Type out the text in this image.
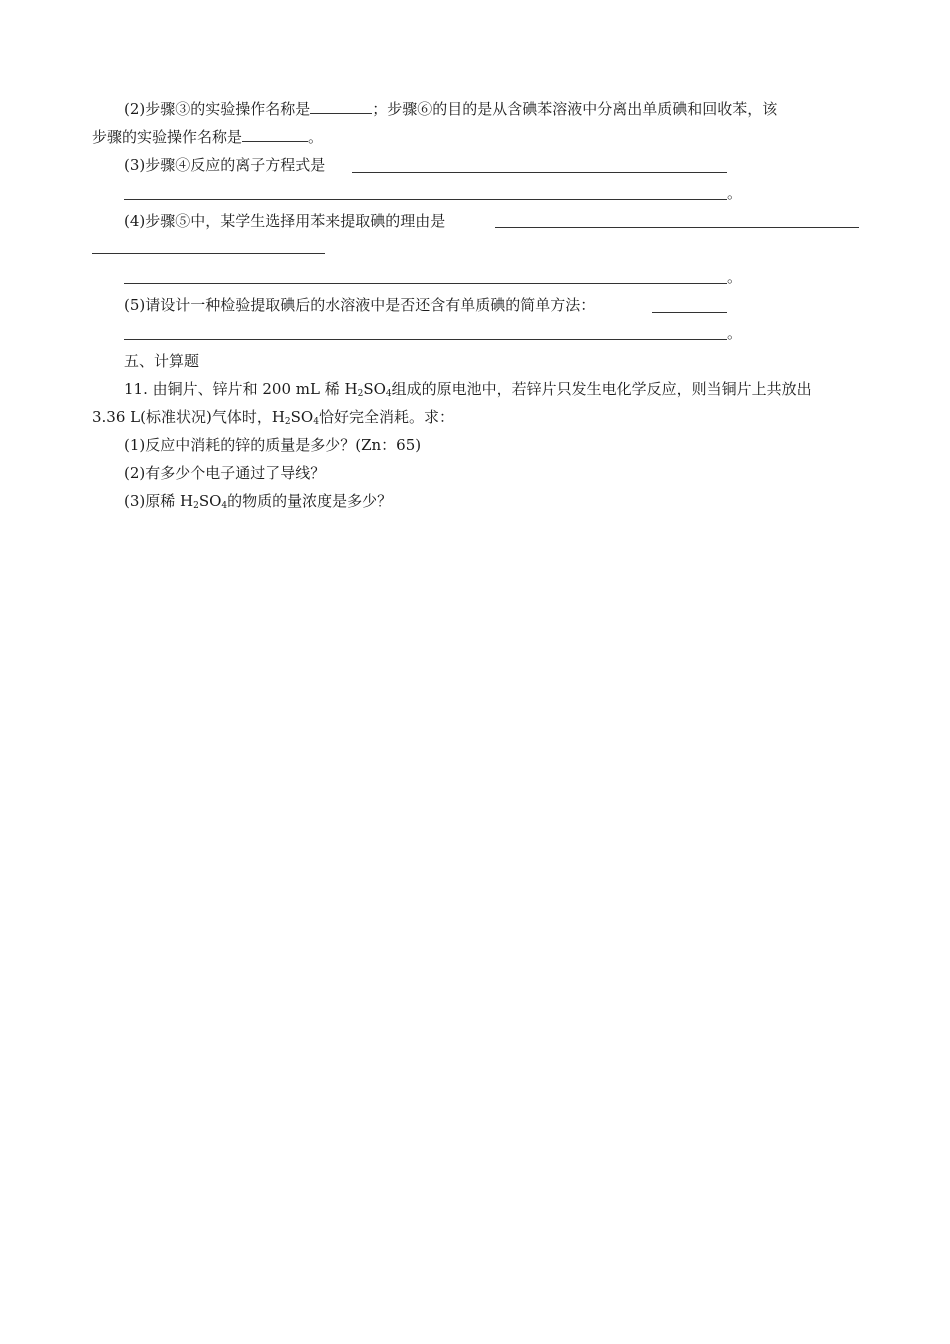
(2)步骤③的实验操作名称是	；步骤⑥的目的是从含碘苯溶液中分离出单质碘和回收苯，该
步骤的实验操作名称是	。
(3)步骤④反应的离子方程式是
。
(4)步骤⑤中，某学生选择用苯来提取碘的理由是
。
(5)请设计一种检验提取碘后的水溶液中是否还含有单质碘的简单方法：
。
五、计算题
11. 由铜片、锌片和 200 mL 稀 $H_2SO_4$组成的原电池中，若锌片只发生电化学反应，则当铜片上共放出
3.36 L(标准状况)气体时，$H_2SO_4$恰好完全消耗。求：
(1)反应中消耗的锌的质量是多少？(Zn：65)
(2)有多少个电子通过了导线？
(3)原稀 $H_2SO_4$的物质的量浓度是多少？
